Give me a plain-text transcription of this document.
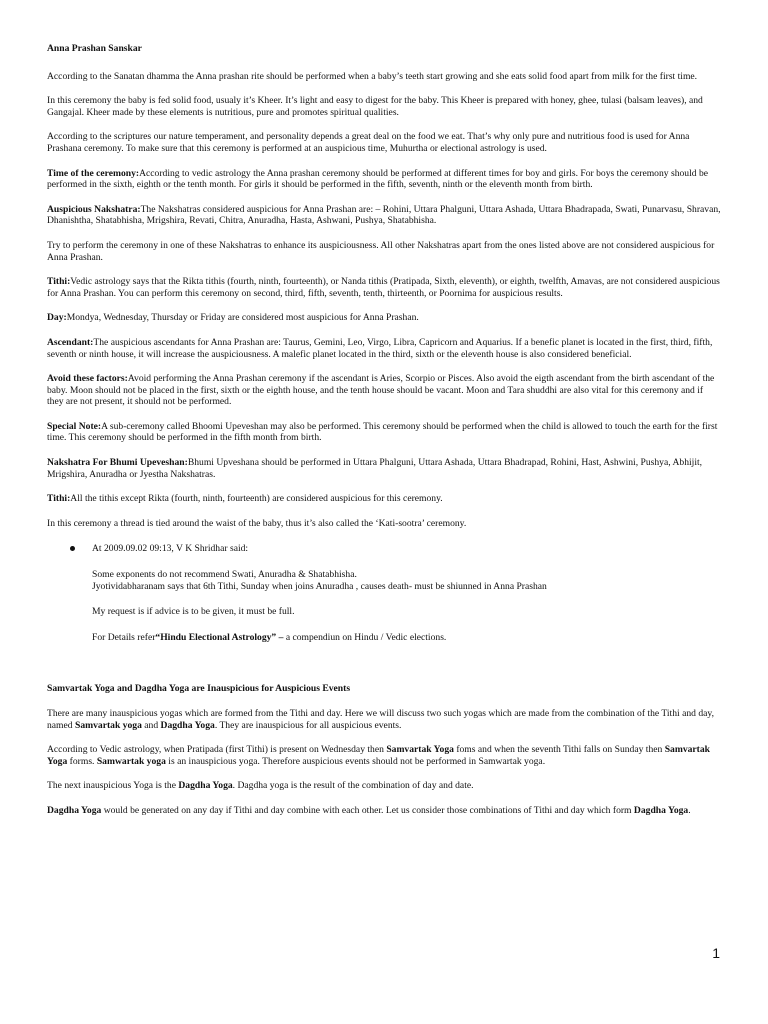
Anna Prashan Sanskar

According to the Sanatan dhamma the Anna prashan rite should be performed when a baby’s teeth start growing and she eats solid food apart from milk for the first time.

In this ceremony the baby is fed solid food, usualy it’s Kheer. It’s light and easy to digest for the baby. This Kheer is prepared with honey, ghee, tulasi (balsam leaves), and Gangajal. Kheer made by these elements is nutritious, pure and promotes spiritual qualities.

According to the scriptures our nature temperament, and personality depends a great deal on the food we eat. That’s why only pure and nutritious food is used for Anna Prashana ceremony. To make sure that this ceremony is performed at an auspicious time, Muhurtha or electional astrology is used.

Time of the ceremony:According to vedic astrology the Anna prashan ceremony should be performed at different times for boy and girls. For boys the ceremony should be performed in the sixth, eighth or the tenth month. For girls it should be performed in the fifth, seventh, ninth or the eleventh month from birth.

Auspicious Nakshatra:The Nakshatras considered auspicious for Anna Prashan are: – Rohini, Uttara Phalguni, Uttara Ashada, Uttara Bhadrapada, Swati, Punarvasu, Shravan, Dhanishtha, Shatabhisha, Mrigshira, Revati, Chitra, Anuradha, Hasta, Ashwani, Pushya, Shatabhisha.

Try to perform the ceremony in one of these Nakshatras to enhance its auspiciousness. All other Nakshatras apart from the ones listed above are not considered auspicious for Anna Prashan.

Tithi:Vedic astrology says that the Rikta tithis (fourth, ninth, fourteenth), or Nanda tithis (Pratipada, Sixth, eleventh), or eighth, twelfth, Amavas, are not considered auspicious for Anna Prashan. You can perform this ceremony on second, third, fifth, seventh, tenth, thirteenth, or Poornima for auspicious results.

Day:Mondya, Wednesday, Thursday or Friday are considered most auspicious for Anna Prashan.

Ascendant:The auspicious ascendants for Anna Prashan are: Taurus, Gemini, Leo, Virgo, Libra, Capricorn and Aquarius. If a benefic planet is located in the first, third, fifth, seventh or ninth house, it will increase the auspiciousness. A malefic planet located in the third, sixth or the eleventh house is also considered beneficial.

Avoid these factors:Avoid performing the Anna Prashan ceremony if the ascendant is Aries, Scorpio or Pisces. Also avoid the eigth ascendant from the birth ascendant of the baby. Moon should not be placed in the first, sixth or the eighth house, and the tenth house should be vacant. Moon and Tara shuddhi are also vital for this ceremony and if they are not present, it should not be performed.

Special Note:A sub-ceremony called Bhoomi Upeveshan may also be performed. This ceremony should be performed when the child is allowed to touch the earth for the first time. This ceremony should be performed in the fifth month from birth.

Nakshatra For Bhumi Upeveshan:Bhumi Upveshana should be performed in Uttara Phalguni, Uttara Ashada, Uttara Bhadrapad, Rohini, Hast, Ashwini, Pushya, Abhijit, Mrigshira, Anuradha or Jyestha Nakshatras.

Tithi:All the tithis except Rikta (fourth, ninth, fourteenth) are considered auspicious for this ceremony.

In this ceremony a thread is tied around the waist of the baby, thus it’s also called the ‘Kati-sootra’ ceremony.

At 2009.09.02 09:13, V K Shridhar said:

Some exponents do not recommend Swati, Anuradha & Shatabhisha.

Jyotividabharanam says that 6th Tithi, Sunday when joins Anuradha , causes death- must be shiunned in Anna Prashan

My request is if advice is to be given, it must be full.

For Details refer“Hindu Electional Astrology” – a compendiun on Hindu / Vedic elections.

Samvartak Yoga and Dagdha Yoga are Inauspicious for Auspicious Events

There are many inauspicious yogas which are formed from the Tithi and day. Here we will discuss two such yogas which are made from the combination of the Tithi and day, named Samvartak yoga and Dagdha Yoga. They are inauspicious for all auspicious events.

According to Vedic astrology, when Pratipada (first Tithi) is present on Wednesday then Samvartak Yoga foms and when the seventh Tithi falls on Sunday then Samvartak Yoga forms. Samwartak yoga is an inauspicious yoga. Therefore auspicious events should not be performed in Samwartak yoga.

The next inauspicious Yoga is the Dagdha Yoga. Dagdha yoga is the result of the combination of day and date.

Dagdha Yoga would be generated on any day if Tithi and day combine with each other. Let us consider those combinations of Tithi and day which form Dagdha Yoga.

1
